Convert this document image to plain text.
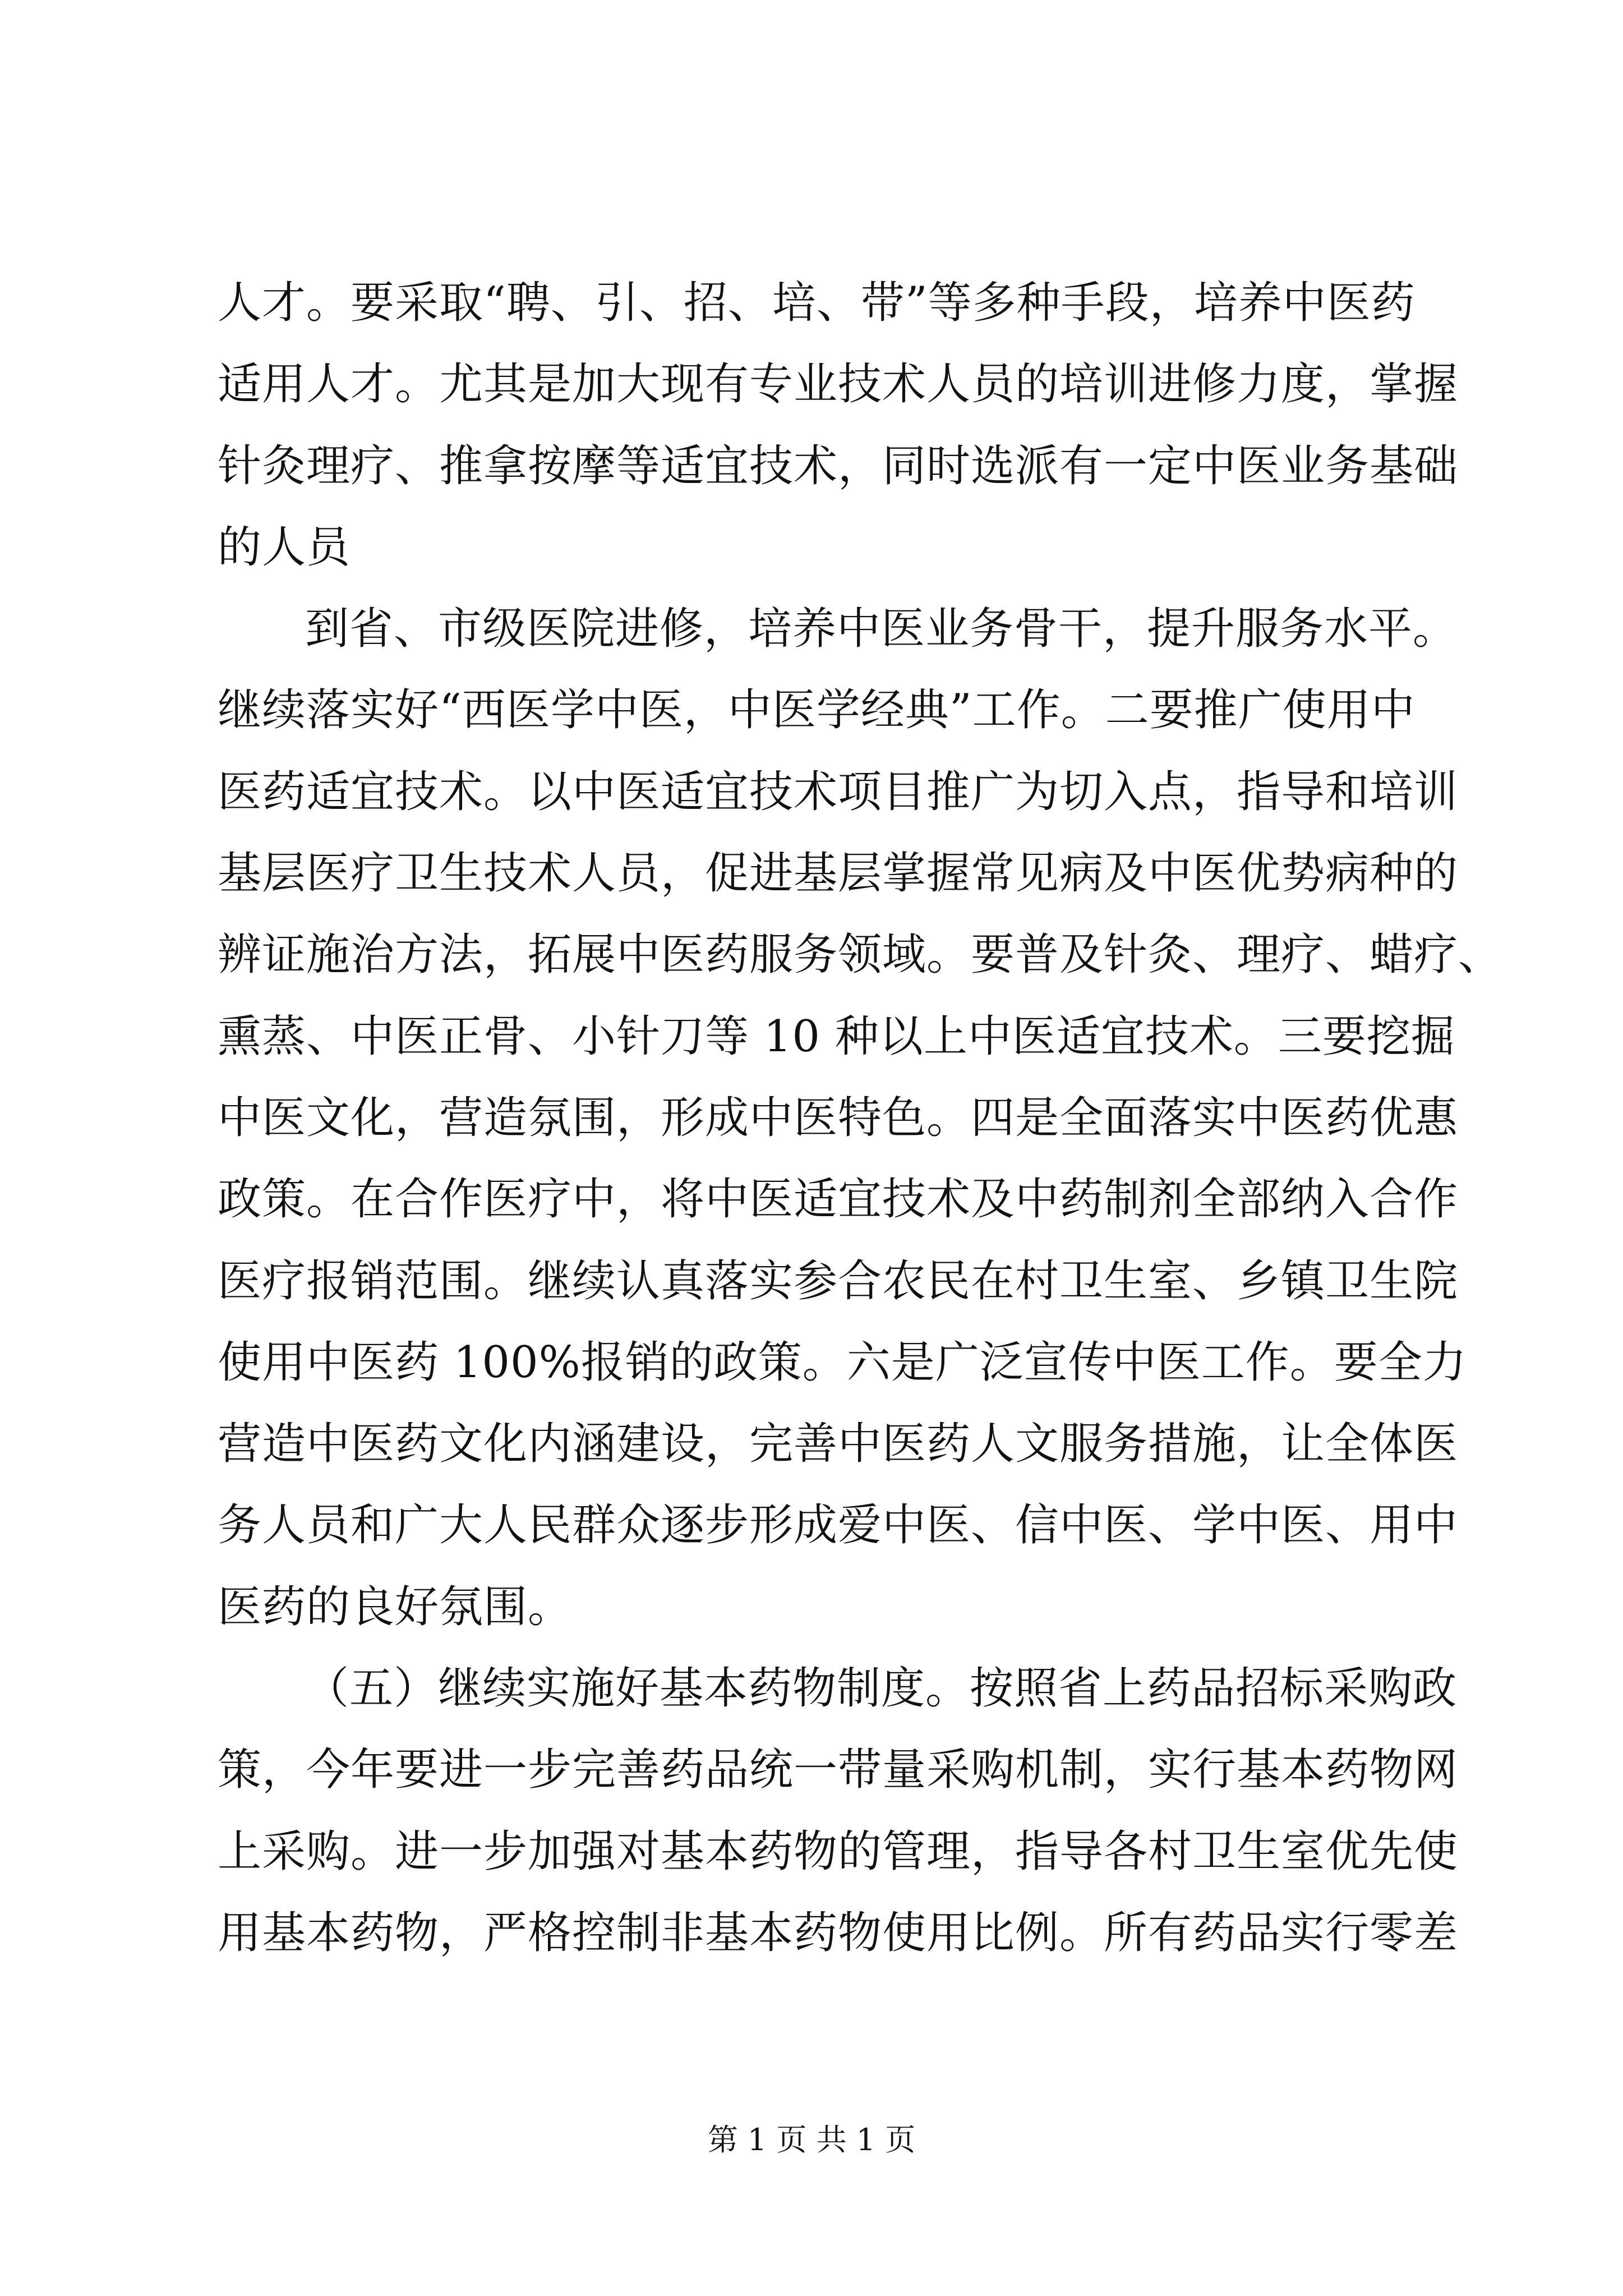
人才。要采取“聘、引、招、培、带”等多种手段，培养中医药
适用人才。尤其是加大现有专业技术人员的培训进修力度，掌握
针灸理疗、推拿按摩等适宜技术，同时选派有一定中医业务基础
的人员

到省、市级医院进修，培养中医业务骨干，提升服务水平。
继续落实好“西医学中医，中医学经典”工作。二要推广使用中
医药适宜技术。以中医适宜技术项目推广为切入点，指导和培训
基层医疗卫生技术人员，促进基层掌握常见病及中医优势病种的
辨证施治方法，拓展中医药服务领域。要普及针灸、理疗、蜡疗、
熏蒸、中医正骨、小针刀等 10 种以上中医适宜技术。三要挖掘
中医文化，营造氛围，形成中医特色。四是全面落实中医药优惠
政策。在合作医疗中，将中医适宜技术及中药制剂全部纳入合作
医疗报销范围。继续认真落实参合农民在村卫生室、乡镇卫生院
使用中医药 100%报销的政策。六是广泛宣传中医工作。要全力
营造中医药文化内涵建设，完善中医药人文服务措施，让全体医
务人员和广大人民群众逐步形成爱中医、信中医、学中医、用中
医药的良好氛围。

（五）继续实施好基本药物制度。按照省上药品招标采购政
策，今年要进一步完善药品统一带量采购机制，实行基本药物网
上采购。进一步加强对基本药物的管理，指导各村卫生室优先使
用基本药物，严格控制非基本药物使用比例。所有药品实行零差

第 1 页 共 1 页
